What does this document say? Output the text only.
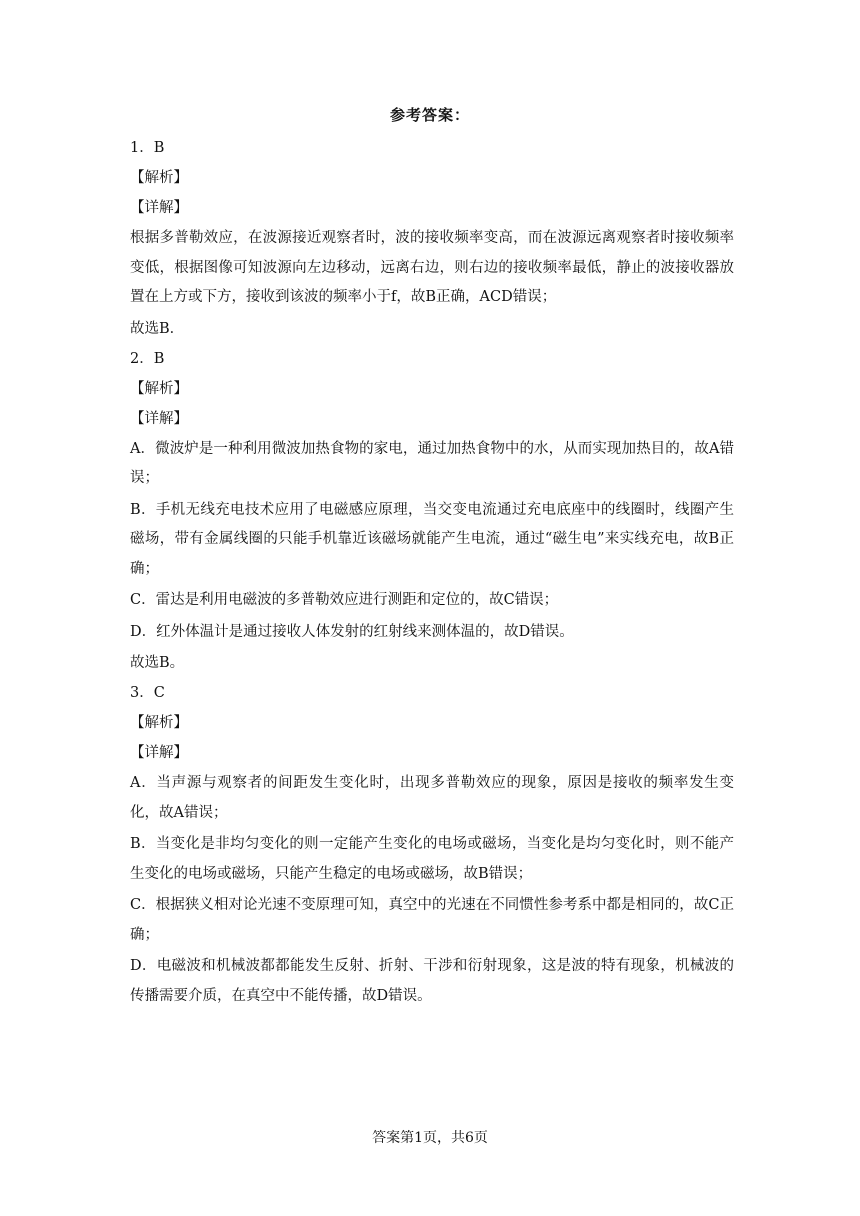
参考答案：

1．B

【解析】

【详解】

根据多普勒效应，在波源接近观察者时，波的接收频率变高，而在波源远离观察者时接收频率变低，根据图像可知波源向左边移动，远离右边，则右边的接收频率最低，静止的波接收器放置在上方或下方，接收到该波的频率小于f，故B正确，ACD错误；

故选B．

2．B

【解析】

【详解】

A．微波炉是一种利用微波加热食物的家电，通过加热食物中的水，从而实现加热目的，故A错误；

B．手机无线充电技术应用了电磁感应原理，当交变电流通过充电底座中的线圈时，线圈产生磁场，带有金属线圈的只能手机靠近该磁场就能产生电流，通过“磁生电”来实线充电，故B正确；

C．雷达是利用电磁波的多普勒效应进行测距和定位的，故C错误；

D．红外体温计是通过接收人体发射的红射线来测体温的，故D错误。

故选B。

3．C

【解析】

【详解】

A．当声源与观察者的间距发生变化时，出现多普勒效应的现象，原因是接收的频率发生变化，故A错误；

B．当变化是非均匀变化的则一定能产生变化的电场或磁场，当变化是均匀变化时，则不能产生变化的电场或磁场，只能产生稳定的电场或磁场，故B错误；

C．根据狭义相对论光速不变原理可知，真空中的光速在不同惯性参考系中都是相同的，故C正确；

D．电磁波和机械波都都能发生反射、折射、干涉和衍射现象，这是波的特有现象，机械波的传播需要介质，在真空中不能传播，故D错误。

答案第1页，共6页
